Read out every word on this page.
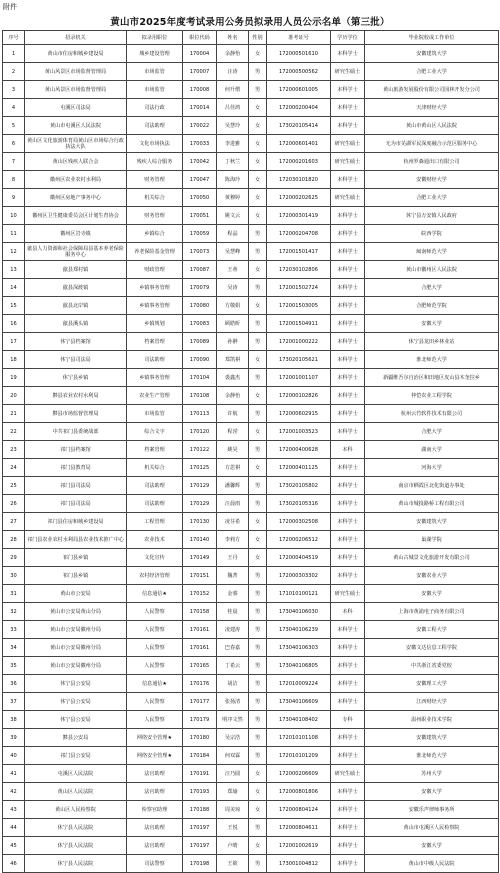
附件
黄山市2025年度考试录用公务员拟录用人员公示名单（第三批）
序号	招录机关	拟录用职位	职位代码	姓名	性别	准考证号	学历学位	毕业院校或工作单位
1	黄山市住房和城乡建设局	城乡建设管理	170004	余静怡	女	172000501610	本科学士	安徽建筑大学
2	黄山风景区市场监督管理局	市场监管	170007	汪涛	男	172000500562	研究生硕士	合肥工业大学
3	黄山风景区市场监督管理局	市场监管	170008	何升熠	男	172000601005	本科学士	黄山旅游发展股份有限公司园林开发分公司
4	屯溪区司法局	司法行政	170014	吕佳鸿	女	172000200404	本科学士	天津财经大学
5	黄山市屯溪区人民法院	司法助理	170022	吴慧玲	女	173020105414	本科学士	黄山市黄山区人民法院
6	黄山区文化旅游体育局黄山区市场综合行政执法大队	文化市场执法	170033	李进雅	女	172000601401	研究生硕士	无为市芜湖军民深度融合示范区服务中心
7	黄山区残疾人联合会	残疾人综合服务	170042	丁秋兰	女	172000201603	研究生硕士	杭州罗森通出口有限公司
8	徽州区农业农村水利局	财务管理	170047	陈海玲	女	172030101820	本科学士	安徽财经大学
9	徽州区房地产事务中心	机关综合	170050	黄穆婷	女	172000202625	研究生硕士	合肥工业大学
10	徽州区卫生健康委员会区计划生育协会	财务管理	170051	姚文云	女	172000301419	本科学士	休宁县万安镇人民政府
11	徽州区岩寺镇	乡镇综合	170059	程晶	男	172000204708	本科学士	皖西学院
12	歙县人力资源和社会保障局县基本养老保险服务中心	养老保险基金管理	170073	吴慧峰	男	172001501417	本科学士	闽南师范大学
13	歙县郑村镇	财政管理	170087	王蒂	女	172030102806	本科学士	黄山市徽州区人民法院
14	歙县深渡镇	乡镇事务管理	170079	吴涛	男	172001502724	本科学士	合肥大学
15	歙县北岸镇	乡镇事务管理	170080	方敬娟	女	172001503005	本科学士	合肥师范学院
16	歙县溪头镇	乡镇规划	170083	顾皓昕	男	172001504911	本科学士	安徽大学
17	休宁县档案馆	档案管理	170089	孙翀	男	172001000222	本科学士	休宁县龙田乡林业站
18	休宁县司法局	司法助理	170090	郑凯祺	女	173020105621	本科学士	淮北师范大学
19	休宁县乡镇	乡镇事务管理	170104	裘鑫杰	男	172001001107	本科学士	新疆维吾尔自治区和田地区皮山县木奎拉乡
20	黟县农业农村水利局	农业生产管理	170108	余静怡	女	172000102826	本科学士	仲恺农业工程学院
21	黟县市场监督管理局	市场监管	170113	许航	男	172000602915	本科学士	杭州云竹软件技术有限公司
22	中共祁门县委统战部	综合文字	170120	程滢	女	172001003523	本科学士	合肥大学
23	祁门县档案馆	档案管理	170122	姚昊	男	172000400628	本科	湖南大学
24	祁门县教育局	机关综合	170125	方思祺	女	172000401125	本科学士	河海大学
25	祁门县司法局	司法助理	170129	潘馨辉	男	173020105802	本科学士	南京市栖霞区北化街道办事处
26	祁门县司法局	司法助理	170129	汪晨雨	男	173020105316	本科学士	黄山市城投路桥工程有限公司
27	祁门县住房和城乡建设局	工程管理	170130	凌芬希	女	172000302508	本科学士	安徽建筑大学
28	祁门县农业农村水利局县农业技术推广中心	农业技术	170140	李莉方	女	172000206512	本科学士	巢湖学院
29	祁门县乡镇	文化宣传	170149	王丹	女	172000404519	本科学士	黄山古城景文化旅游开发有限公司
30	祁门县乡镇	农村经济管理	170151	魏菁	男	172000303302	本科学士	安徽农业大学
31	黄山市公安局	信息通信★	170152	金睿	男	171010100121	研究生硕士	安徽大学
32	黄山市公安局黄山分局	人民警察	170158	桂晨	男	173040106030	本科	上海市黄浦电子商务有限公司
33	黄山市公安局徽州分局	人民警察	170161	凌建涛	男	173040106239	本科学士	安徽工程大学
34	黄山市公安局徽州分局	人民警察	170161	巴春嘉	男	173040106303	本科学士	安徽文达信息工程学院
35	黄山市公安局徽州分局	人民警察	170165	丁希云	男	173040106805	本科学士	中共浙江省委党校
36	休宁县公安局	信息通信★	170176	胡洁	男	172010009224	本科学士	安徽理工大学
37	休宁县公安局	人民警察	170177	张扬清	男	173040106609	本科学士	江西财经大学
38	休宁县公安局	人民警察	170179	明序文然	男	173040108402	专科	温州职业技术学院
39	黟县公安局	网络安全管理★	170180	吴宗浩	男	172010101108	本科学士	安徽建筑大学
40	祁门县公安局	网络安全管理★	170184	何双霖	男	172010101209	本科学士	淮北师范大学
41	屯溪区人民法院	法官助理	170191	汪乃圆	女	172000206609	研究生硕士	苏州大学
42	黄山区人民法院	法官助理	170193	郑瑜	女	172000801806	本科学士	安徽大学
43	黄山区人民检察院	检察官助理	170188	周美琼	女	172000804124	本科学士	安徽乐声律师事务所
44	休宁县人民法院	法官助理	170197	王悦	男	172000804611	本科学士	黄山市屯溪区人民检察院
45	休宁县人民法院	法官助理	170197	卢晴	女	172001002619	本科学士	安徽大学
46	休宁县人民法院	司法警察	170198	王筱	男	173001004812	本科学士	黄山市中级人民法院
